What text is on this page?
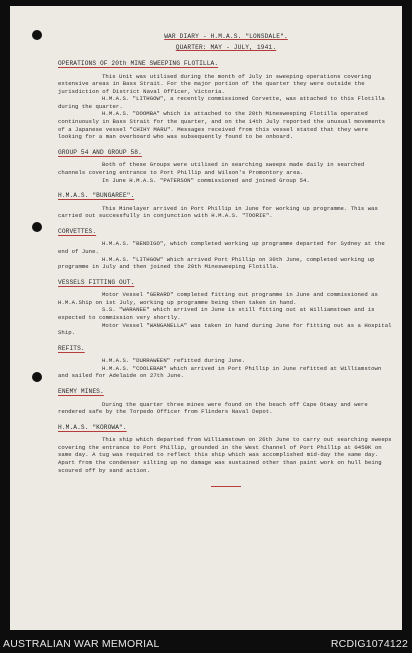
WAR DIARY - H.M.A.S. "LONSDALE".
QUARTER: MAY - JULY, 1941.
OPERATIONS OF 20th MINE SWEEPING FLOTILLA.
This Unit was utilised during the month of July in sweeping operations covering extensive areas in Bass Strait. For the major portion of the quarter they were outside the jurisdiction of District Naval Officer, Victoria.
H.M.A.S. "LITHGOW", a recently commissioned Corvette, was attached to this Flotilla during the quarter.
H.M.A.S. "DOOMBA" which is attached to the 20th Minesweeping Flotilla operated continuously in Bass Strait for the quarter, and on the 14th July reported the unusual movements of a Japanese vessel "CHIHY MARU". Messages received from this vessel stated that they were looking for a man overboard who was subsequently found to be onboard.
GROUP 54 AND GROUP 58.
Both of these Groups were utilised in searching sweeps made daily in searched channels covering entrance to Port Phillip and Wilson's Promontory area.
In June H.M.A.S. "PATERSON" commissioned and joined Group 54.
H.M.A.S. "BUNGAREE".
This Minelayer arrived in Port Phillip in June for working up programme. This was carried out successfully in conjunction with H.M.A.S. "TOORIE".
CORVETTES.
H.M.A.S. "BENDIGO", which completed working up programme departed for Sydney at the end of June.
H.M.A.S. "LITHGOW" which arrived Port Phillip on 30th June, completed working up programme in July and then joined the 20th Minesweeping Flotilla.
VESSELS FITTING OUT.
Motor Vessel "GERARD" completed fitting out programme in June and commissioned as H.M.A.Ship on 1st July, working up programme being then taken in hand.
S.S. "WARANEE" which arrived in June is still fitting out at Williamstown and is expected to commission very shortly.
Motor Vessel "WANGANELLA" was taken in hand during June for fitting out as a Hospital Ship.
REFITS.
H.M.A.S. "DURRAWEEN" refitted during June.
H.M.A.S. "COOLEBAR" which arrived in Port Phillip in June refitted at Williamstown and sailed for Adelaide on 27th June.
ENEMY MINES.
During the quarter three mines were found on the beach off Cape Otway and were rendered safe by the Torpedo Officer from Flinders Naval Depot.
H.M.A.S. "KOROWA".
This ship which departed from Williamstown on 26th June to carry out searching sweeps covering the entrance to Port Phillip, grounded in the West Channel of Port Phillip at 0450K on same day. A tug was required to reflect this ship which was accomplished mid-day the same day. Apart from the condenser silting up no damage was sustained other than paint work on hull being scoured off by sand action.
AUSTRALIAN WAR MEMORIAL	RCDIG1074122
